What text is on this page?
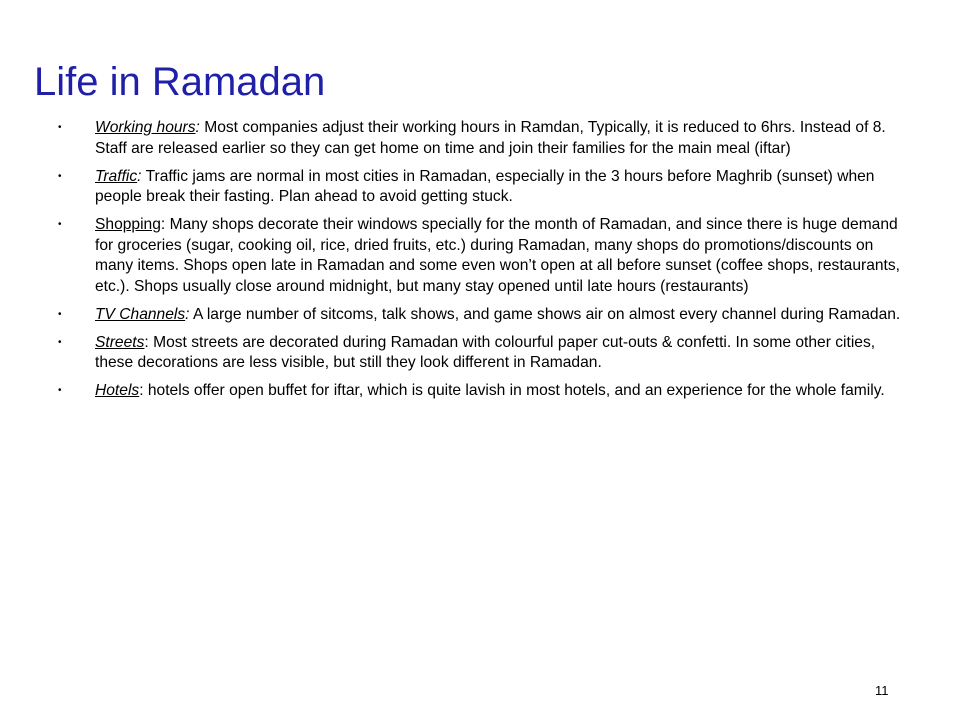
Life in Ramadan
• Working hours: Most companies adjust their working hours in Ramdan, Typically, it is reduced to 6hrs. Instead of 8. Staff are released earlier so they can get home on time and join their families for the main meal (iftar)
• Traffic: Traffic jams are normal in most cities in Ramadan, especially in the 3 hours before Maghrib (sunset) when people break their fasting. Plan ahead to avoid getting stuck.
• Shopping: Many shops decorate their windows specially for the month of Ramadan, and since there is huge demand for groceries (sugar, cooking oil, rice, dried fruits, etc.) during Ramadan, many shops do promotions/discounts on many items. Shops open late in Ramadan and some even won’t open at all before sunset (coffee shops, restaurants, etc.). Shops usually close around midnight, but many stay opened until late hours (restaurants)
• TV Channels: A large number of sitcoms, talk shows, and game shows air on almost every channel during Ramadan.
• Streets: Most streets are decorated during Ramadan with colourful paper cut-outs & confetti. In some other cities, these decorations are less visible, but still they look different in Ramadan.
• Hotels: hotels offer open buffet for iftar, which is quite lavish in most hotels, and an experience for the whole family.
11
